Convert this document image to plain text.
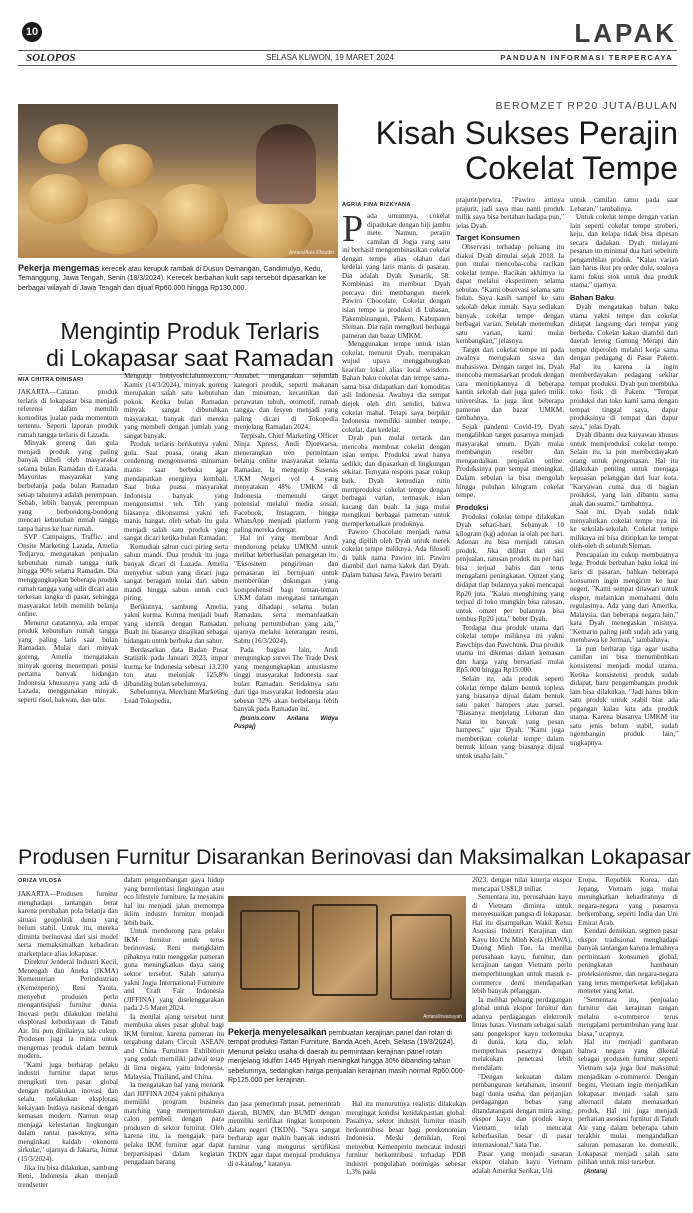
10	LAPAK
SOLOPOS	SELASA KLIWON, 19 MARET 2024	PANDUAN INFORMASI TERPERCAYA
Antara/Anis Efizudin
Pekerja mengemas kerecek atau kerupuk rambak di Dusun Demangan, Candimulyo, Kedu, Temanggung, Jawa Tengah, Senin (18/3/2024). Kerecek berbahan kulit sapi tersebut dipasarkan ke berbagai wilayah di Jawa Tengah dan dijual Rp60.000 hingga Rp130.000.
BEROMZET RP20 JUTA/BULAN
Kisah Sukses Perajin
Cokelat Tempe
AGRIA FINA RIZKYANA
P ada umumnya, cokelat dipadukan dengan biji jambu mete. Namun, perajin camilan di Jogja yang satu ini berhasil mengombinasikan cokelat dengan tempe alias olahan dari kedelai yang laris manis di pasaran. Dia adalah Dyah Sunarik, 58. Kombinasi itu membuat Dyah percaya diri membangun merek Pawiro Chocolate. Cokelat dengan isian tempe ia produksi di Lubasan, Pakembinangun, Pakem, Kabupaten Sleman. Dia rajin mengikuti berbagai pameran dan bazar UMKM.

Menggunakan tempe untuk isian cokelat, menurut Dyah, merupakan wujud upaya menggabungkan kearifan lokal alias local wisdom. Bahan baku cokelat dan tempe sama-sama bisa didapatkan dari komoditas asli Indonesia. Awalnya dia sempat diejek oleh diri sendiri, bahwa cokelat mahal. Tetapi saya berpikir Indonesia memiliki sumber tempe, cokelat, dan kedelai.

Dyah pun mulai tertarik dan mencoba membuat cokelat dengan isian tempe. Produksi awal hanya sedikit, dan dipasarkan di lingkungan sekitar. Ternyata respons pasar cukup baik. Dyah kemudian rutin memproduksi cokelat tempe dengan berbagai varian, termasuk isian kacang dan buah. Ia juga mulai mengikuti berbagai pameran untuk memperkenalkan produknya.

Pawiro Chocolate menjadi nama yang dipilih oleh Dyah untuk merek cokelat tempe miliknya. Ada filosofi di balik nama Pawiro ini. Pawiro diambil dari nama kakek dari Dyah. Dalam bahasa Jawa, Pawiro berarti

prajurit/perwira. "Pawiro artinya prajurit, jadi saya mau nanti produk milik saya bisa bertahan hadapa pun," jelas Dyah.

Target Konsumen

Observasi terhadap peluang itu diakui Dyah dimulai sejak 2018. Ia pun mulai mencoba-coba racikan cokelat tempe. Racikan akhirnya ia dapat melalui eksperimen selama sebulan. "Kami observasi selama satu bulan. Saya kasih sampel ke satu sekolah dekat rumah. Saya sediakan banyak cokelat tempe dengan berbagai varian. Setelah menemukan satu varian, kami mulai kembangkan," jelasnya.

Target dari cokelat tempe ini pada awalnya merupakan siswa dan mahasiswa. Dengan target ini, Dyah mencoba memasarkan produk dengan cara menitipkannya di beberapa kantin sekolah dan juga galeri milik universitas. Ia juga ikut beberapa pameran dan bazar UMKM, tambahnya.

Sejak pandemi Covid-19, Dyah mengalihkan target pasarnya menjadi masyarakat umum. Dyah mulai membangun reseller dan mengandalkan penjualan online. Produksinya pun sempat meningkat. Dalam sebulan ia bisa mengolah hingga puluhan kilogram cokelat tempe.

Produksi

Produksi cokelat tempe dilakukan Dyah sehari-hari. Sebanyak 10 kilogram (kg) adonan ia olah per hari. Adonan itu bisa menjadi ratusan produk. Jika dilihat dari sisi penjualan, ratusan produk itu per hari bisa terjual habis dan terus mengalami peningkatan. Omzet yang didapat tiap bulannya yakni mencapai Rp20 juta. "Kalau menghitung yang terjual di toko mungkin bisa ratusan, untuk omzet per bulannya bisa tembus Rp20 juta," beber Dyah.

Terdapat dua produk utama dari cokelat tempe miliknya ini yakni Pawchips dan Pawchunk. Dua produk utama ini dikemas dalam kemasan dan harga yang bervariasi mulai Rp5.000 hingga Rp15.000.

Selain itu, ada produk seperti cokelat tempe dalam bentuk topless yang biasanya dijual dalam bentuk satu paket hampers atau parsel. "Biasanya menjelang Lebaran dan Natal itu banyak yang pesan hampers," ujar Dyah. "Kami juga memberikan cokelat tempe dalam bentuk kiloan yang biasanya dijual untuk usaha lain."

untuk camilan tamu pada saat Lebaran," tambahnya.

Untuk cokelat tempe dengan varian lain seperti cokelat tempe stroberi, keju, dan kelapa tidak bisa dipesan secara dadakan. Dyah melayani pesanan itu minimal dua hari sebelum pengambilan produk. "Kalau varian lain harus ikut pre order dulu, soalnya kami fokus stok untuk dua produk utama," ujarnya.

Bahan Baku

Dyah mengatakan bahan baku utama yakni tempe dan cokelat didapat langsung dari tempat yang berbeda. Cokelat kakao diambil dari daerah lereng Gunung Merapi dan tempe diperoleh melalui kerja sama dengan pedagang di Pasar Pakem. Hal itu karena ia ingin memberdayakan pedagang sekitar tempat produksi. Dyah pun membuka toko fisik di Pakem. "Tempat produksi dan toko kami sama dengan tempat tinggal saya, dapur produksinya di tempat dari dapur saya," jelas Dyah.

Dyah dibantu dua karyawan khusus untuk memproduksi cokelat tempe. Selain itu, ia pun memberdayakan orang untuk pengemasan. Hal itu dilakukan penting untuk menjaga kepuasan pelanggan dari luar kota. "Karyawan cuma dua di bagian produksi, yang lain dibantu sama anak dan suami," tambahnya.

Saat ini, Dyah sudah tidak menyalurkan cokelat tempe nya ini ke sekolah-sekolah. Cokelat tempe miliknya ini bisa dititipkan ke tempat oleh-oleh di seluruh Sleman.

Pencapaian itu cukup membuatnya lega. Produk berbahan baku lokal ini laris di pasaran, bahkan beberapa konsumen ingin mengirim ke luar negeri. "Kami sempat ditawari untuk ekspor, melainkan memahami dulu regulasinya. Ada yang dari Amerika, Malaysia, dan beberapa negara lain," kata Dyah menegaskan misinya. "Kemarin paling jauh sudah ada yang membawa ke Jerman," tambahnya.

Ia pun berharap tiga agar usaha camilan ini bisa menumbuhkan konsistensi menjadi modal utama. Ketika konsistensi produk sudah didapat, baru pengembangan produk lain bisa dilakukan. "Jadi harus bikin satu produk untuk stabil biar ada pegangan kalau kita ada produk utama. Karena biasanya UMKM itu satu jenis belum stabil, sudah ngembangin produk lain," ungkapnya.

Mengintip Produk Terlaris
di Lokapasar saat Ramadan
MIA CHITRA DINISARI

JAKARTA—Catatan produk terlaris di lokapasar bisa menjadi referensi dalam memilih komoditas jualan pada momentum tertentu. Seperti laporan produk rumah tangga terlaris di Lazada.

Minyak goreng dan gula menjadi produk yang paling banyak dibeli oleh masyarakat selama bulan Ramadan di Lazada. Mayoritas masyarakat yang berbelanja pada bulan Ramadan setiap tahunnya adalah perempuan. Sebab, lebih banyak perempuan yang berbondong-bondong mencari kebutuhan rumah tangga tanpa harus ke luar rumah.

SVP Campaigns, Traffic, and Onsite Marketing Lazada, Amelia Tedjaryo, mengatakan penjualan kebutuhan rumah tangga naik hingga 90% selama Ramadan. Dia menggungkapkan beberapa produk rumah tangga yang sulit dicari atau terkesan langka di pasar, sehingga masyarakat lebih memilih belanja online.

Menurut catatannya, ada empat produk kebutuhan rumah tangga yang paling laris saat bulan Ramadan. Mulai dari minyak goreng, Amelia mengatakan minyak goreng menempati posisi pertama banyak hidangan Indonesia khususnya yang ada di Lazada, menggunakan minyak, seperti risol, bakwan, dan tahu.

Mengutip hobiyoshi.laluntee.com, Kamis (14/3/2024), minyak goreng merupakan salah satu kebutuhan pokok. Ketika bulan Ramadan minyak sangat dibutuhkan masyarakat, banyak dari mereka yang membeli dengan jumlah yang sangat banyak.

Produk terlaris berikutnya yakni gula. Saat puasa, orang akan cenderung mengonsumsi minuman manis saat berbuka agar mendapatkan energinya kembali. Saat buka puasa masyarakat Indonesia banyak yang mengonsumsi teh. Teh yang biasanya dikonsumsi yakni teh manis hangat, oleh sebab itu gula menjadi salah satu produk yang sangat dicari ketika bulan Ramadan.

Kemudian sabun cuci piring serta sabun mandi. Dua produk itu juga banyak dicari di Lazada. Amelia menyebut sabun yang dicari juga sangat beragam mulai dari sabun mandi hingga sabun untuk cuci piring.

Berikutnya, sambung Amelia, yakni kurma. Kurma menjadi buah yang identik dengan Ramadan. Buah ini biasanya disajikan sebagai hidangan untuk berbuka dan sahur.

Berdasarkan data Badan Pusat Statistik pada Januari 2023, impor kurma ke Indonesia sebesar 13.230 ton atau melonjak 125,8% dibanding bulan sebelumnya.

Sebelumnya, Merchant Marketing Lead Tokopedia,

Annabel, mengatakan sejumlah kategori produk, seperti makanan dan minuman, kecantikan dan perawatan tubuh, otomotif, rumah tangga, dan fesyen menjadi yang paling dicari di Tokopedia menjelang Ramadan 2024.

Terpisah, Chief Marketing Officer Ninja Xpress, Andi Djoewarsa, menerangkan tren permintaan belanja online masyarakat selama Ramadan. Ia mengutip Susenas UKM Negeri vol 4 yang menyatakan 48% UMKM di Indonesia memenuhi target potensial melalui media sosial, Facebook, Instagram, hingga WhatsApp menjadi platform yang paling mereka dengar.

Hal ini yang membuat Andi mendorong pelaku UMKM untuk melihat keberhasilan penargetan itu. "Eksositem pengiriman dan pemasaran ini bertujuan untuk memberikan dukungan yang komprehensif bagi teman-teman UKM dalam mengatasi tantangan yang dihadapi selama bulan Ramadan, serta memanfaatkan peluang pertumbuhan yang ada," ujarnya melalui keterangan resmi, Sabtu (16/3/2024).

Pada bagian lain, Andi mengungkap survei The Trade Desk yang mengungkapkan antusiasme tinggi masyarakat Indonesia saat bulan Ramadan. Setidaknya satu dari tiga masyarakat Indonesia atau sebesar 32% akan berbelanja lebih banyak pada Ramadan ini.

(bisnis.com/ Anitana Widya Puspaj)

Produsen Furnitur Disarankan Berinovasi dan Maksimalkan Lokapasar
ORIZA VILOSA

JAKARTA—Produsen furnitur menghadapi tantangan berat karena perubahan pola belanja dan situasi geopolitik dunia yang belum stabil. Untuk itu, mereka diminta berinovasi dari sisi model serta memaksimalkan kehadiran marketplace alias lokapasar.

Direktur Jenderal Industri Kecil, Menengah dan Aneka (IKMA) Kementerian Perindustrian (Kemenperin), Reni Yanita, menyebut produsen perlu mengantisipasi furnitur dunia. Inovasi perlu dilakukan melalui eksplorasi kebudayaan di Tanah Air. Itu pun dinilainya tak cukup. Produsen juga ia minta untuk mengemas produk dalam bentuk modern.

"Kami juga berharap pelaku industri furnitur dapat terus mengikuti tren pasar global dengan melakukan inovasi dan selalu melakukan eksplorasi kekayaan budaya nasional dengan kemasan modern. Namun tetap menjaga kelestarian lingkungan dalam rantai pasoknya, serta menginkati kaidah ekonomi sirkular," ujarnya di Jakarta, Jumat (15/3/2024).

Jika itu bisa dilakukan, sambung Reni, Indonesia akan menjadi trendsetter

dalam pengembangan gaya hidup yang berorientasi lingkungan atau eco lifestyle furniture. Ia meyakini hal itu menjadi jalan memompa iklim industri furnitur menjadi lebih baik.

Untuk mendorong para pelaku IKM furnitur untuk terus berinovasi, Reni mengklaim pihaknya rutin menggelar pameran guna meningkatkan daya saing sektor tersebut. Salah satunya yakni Jogja International Furniture and Craft Fair Indonesia (JIFFINA) yang diselenggarakan pada 2-5 Maret 2024.

Ia menilai ajang tersebut turut membuka akses pasar global bagi IKM furnitur, karena pameran itu tergabung dalam Circuit ASEAN and China Furniture Exhibition yang sudah memiliki jadwal tetap di lima negara, yaitu Indonesia, Malaysia, Thailand, and China.

Ia mengatakan hal yang menarik dari JIFFINA 2024 yakni pihaknya memiliki program business matching yang mempertemukan calon pembeli dengan para produsen di sektor furnitur. Oleh karena itu, ia mengajak para pelaku IKM furnitur agar dapat berpartisipasi dalam kegiatan pengadaan barang

Antara/Irwansyah
Pekerja menyelesaikan pembuatan kerajinan panel dari rotan di tempat produksi Tattan Furniture, Banda Aceh, Aceh, Selasa (19/3/2024). Menurut pelaku usaha di daerah itu permintaan kerajinan panel rotan menjelang Idulfitri 1445 Hijriyah meningkat hingga 30% dibanding tahun sebelumnya, sedangkan harga penjualan kerajinan masih normal Rp60.000-Rp125.000 per kerajinan.

dan jasa pemerintah pusat, pemerintah daerah, BUMN, dan BUMD dengan memiliki sertifikat tingkat komponen dalam negeri (TKDN). "Saya sangat berharap agar makin banyak industri furnitur yang mengurus sertifikasi TKDN agar dapat menjual produknya di e-katalog," katanya.

Hal itu menurutnya realistis dilakukan mengingat kondisi ketidakpastian global. Pasalnya, sektor industri furnitur masih berkontribusi besar bagi perekonomian Indonesia. Meski demikian, Reni menyebut Kemenperin mencatat industri furnitur berkontribusi terhadap PDB industri pengolahan nonmigas sebesar 1,3% pada

2023, dengan nilai kinerja ekspor mencapai US$1,8 miliar.

Sementara itu, perusahaan kayu di Vietnam diminta untuk menyesuaikan pangsa di lokapasar. Hal itu disampaikan Wakil Ketua Asosiasi Industri Kerajinan dan Kayu Ho Chi Minh Kota (HAWA), Duong Minh Tue. Ia menilai perusahaan kayu, furnitur, dan kerajinan tangan Vietnam perlu memperhitungkan untuk masuk e-commerce demi mendapatkan lebih banyak pelanggan.

Ia melihat peluang perdagangan global untuk ekspor furnitur dan adanya perdagangan elektronik lintas batas. Vietnam sebagai salah satu pengekspor kayu terkemuka di dunia, kata dia, telah memperluas pasarnya dengan melakukan penetrasi lebih mendalam.

"Dengan kekuatan dalam pembangunan ketahanan, insentif bagi dunia usaha, dan perjanjian perdagangan bebas yang ditandatangani dengan mitra asing, ekspor kayu dan produk kayu Vietnam telah mencatat keberhasilan besar di pasar internasional," kata Tue.

Pasar yang menjadi sasaran ekspor olahan kayu Vietnam adalah Amerika Serikat, Uni

Eropa, Republik Korea, dan Jepang. Vietnam juga mulai meningkatkan kehadirannya di negara-negara yang pasarnya berkembang, seperti India dan Uni Emirat Arab.

Kendati demikian, segmen pasar ekspor tradisional menghadapi banyak tantangan karena lemahnya permintaan konsumen global, peningkatan hambatan proteksionisme, dan negara-negara yang terus memperketat kebijakan moneter yang ketat.

"Sementara itu, penjualan furnitur dan kerajinan tangan melalui e-commerce terus mengalami pertumbuhan yang luar biasa," ucapnya.

Hal itu menjadi gambaran bahwa negara yang dikenal sebagai produsen furnitur seperti Vietnam saja juga ikut maksimal menjadikan e-commerce. Dengan begitu, Vietnam ingin menjadikan lokapasar menjadi salah satu alternatif dalam memasarkan produk. Hal ini juga menjadi perhatian asosiasi furnitur di Tanah Air yang dalam beberapa tahun terakhir mulai mengandalkan saluran pemasaran ke domestik. Lokapasar menjadi salah satu pilihan untuk misi tersebut.

(Antara)
